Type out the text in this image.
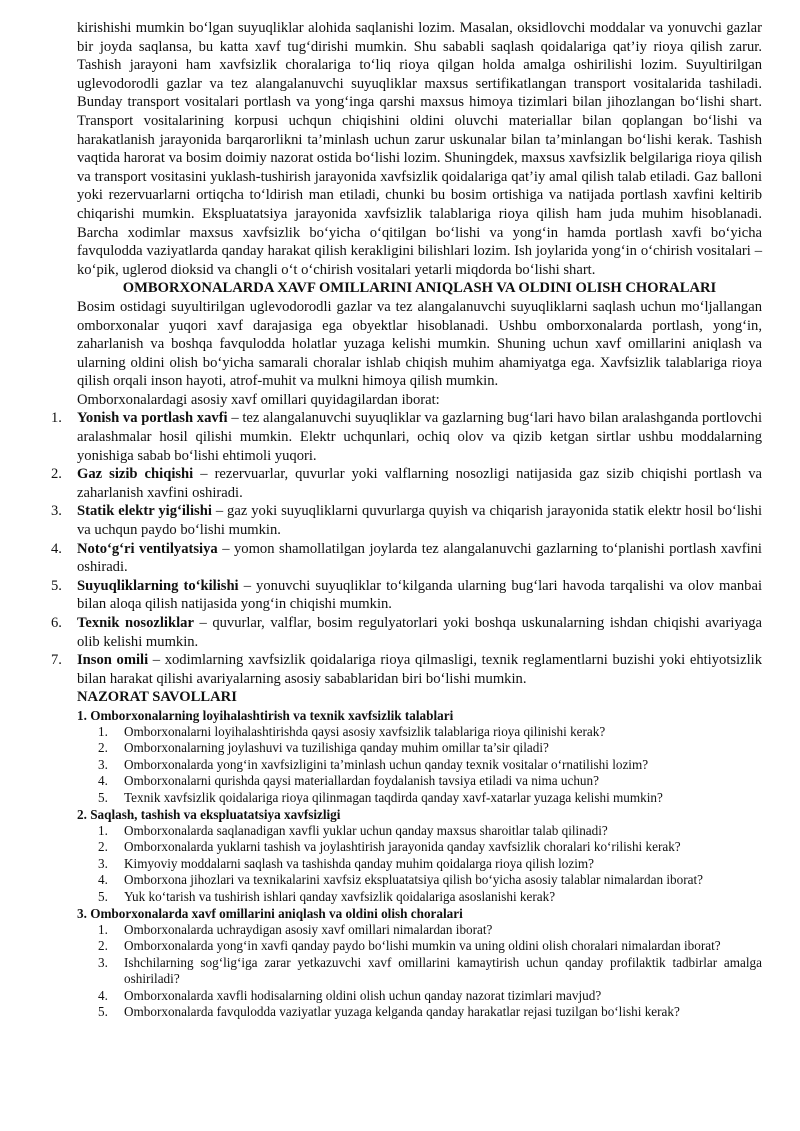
kirishishi mumkin boʻlgan suyuqliklar alohida saqlanishi lozim. Masalan, oksidlovchi moddalar va yonuvchi gazlar bir joyda saqlansa, bu katta xavf tugʻdirishi mumkin. Shu sababli saqlash qoidalariga qat’iy rioya qilish zarur. Tashish jarayoni ham xavfsizlik choralariga toʻliq rioya qilgan holda amalga oshirilishi lozim. Suyultirilgan uglevodorodli gazlar va tez alangalanuvchi suyuqliklar maxsus sertifikatlangan transport vositalarida tashiladi. Bunday transport vositalari portlash va yongʻinga qarshi maxsus himoya tizimlari bilan jihozlangan boʻlishi shart. Transport vositalarining korpusi uchqun chiqishini oldini oluvchi materiallar bilan qoplangan boʻlishi va harakatlanish jarayonida barqarorlikni ta’minlash uchun zarur uskunalar bilan ta’minlangan boʻlishi kerak. Tashish vaqtida harorat va bosim doimiy nazorat ostida boʻlishi lozim. Shuningdek, maxsus xavfsizlik belgilariga rioya qilish va transport vositasini yuklash-tushirish jarayonida xavfsizlik qoidalariga qat’iy amal qilish talab etiladi. Gaz balloni yoki rezervuarlarni ortiqcha toʻldirish man etiladi, chunki bu bosim ortishiga va natijada portlash xavfini keltirib chiqarishi mumkin. Ekspluatatsiya jarayonida xavfsizlik talablariga rioya qilish ham juda muhim hisoblanadi. Barcha xodimlar maxsus xavfsizlik boʻyicha oʻqitilgan boʻlishi va yongʻin hamda portlash xavfi boʻyicha favqulodda vaziyatlarda qanday harakat qilish kerakligini bilishlari lozim. Ish joylarida yongʻin oʻchirish vositalari – koʻpik, uglerod dioksid va changli oʻt oʻchirish vositalari yetarli miqdorda boʻlishi shart.

OMBORXONALARDA XAVF OMILLARINI ANIQLASH VA OLDINI OLISH CHORALARI

Bosim ostidagi suyultirilgan uglevodorodli gazlar va tez alangalanuvchi suyuqliklarni saqlash uchun moʻljallangan omborxonalar yuqori xavf darajasiga ega obyektlar hisoblanadi. Ushbu omborxonalarda portlash, yongʻin, zaharlanish va boshqa favqulodda holatlar yuzaga kelishi mumkin. Shuning uchun xavf omillarini aniqlash va ularning oldini olish boʻyicha samarali choralar ishlab chiqish muhim ahamiyatga ega. Xavfsizlik talablariga rioya qilish orqali inson hayoti, atrof-muhit va mulkni himoya qilish mumkin.

Omborxonalardagi asosiy xavf omillari quyidagilardan iborat:

1. Yonish va portlash xavfi – tez alangalanuvchi suyuqliklar va gazlarning bugʻlari havo bilan aralashganda portlovchi aralashmalar hosil qilishi mumkin. Elektr uchqunlari, ochiq olov va qizib ketgan sirtlar ushbu moddalarning yonishiga sabab boʻlishi ehtimoli yuqori.
2. Gaz sizib chiqishi – rezervuarlar, quvurlar yoki valflarning nosozligi natijasida gaz sizib chiqishi portlash va zaharlanish xavfini oshiradi.
3. Statik elektr yigʻilishi – gaz yoki suyuqliklarni quvurlarga quyish va chiqarish jarayonida statik elektr hosil boʻlishi va uchqun paydo boʻlishi mumkin.
4. Notoʻgʻri ventilyatsiya – yomon shamollatilgan joylarda tez alangalanuvchi gazlarning toʻplanishi portlash xavfini oshiradi.
5. Suyuqliklarning toʻkilishi – yonuvchi suyuqliklar toʻkilganda ularning bugʻlari havoda tarqalishi va olov manbai bilan aloqa qilish natijasida yongʻin chiqishi mumkin.
6. Texnik nosozliklar – quvurlar, valflar, bosim regulyatorlari yoki boshqa uskunalarning ishdan chiqishi avariyaga olib kelishi mumkin.
7. Inson omili – xodimlarning xavfsizlik qoidalariga rioya qilmasligi, texnik reglamentlarni buzishi yoki ehtiyotsizlik bilan harakat qilishi avariyalarning asosiy sabablaridan biri boʻlishi mumkin.

NAZORAT SAVOLLARI

1. Omborxonalarning loyihalashtirish va texnik xavfsizlik talablari

1. Omborxonalarni loyihalashtirishda qaysi asosiy xavfsizlik talablariga rioya qilinishi kerak?
2. Omborxonalarning joylashuvi va tuzilishiga qanday muhim omillar ta’sir qiladi?
3. Omborxonalarda yongʻin xavfsizligini ta’minlash uchun qanday texnik vositalar oʻrnatilishi lozim?
4. Omborxonalarni qurishda qaysi materiallardan foydalanish tavsiya etiladi va nima uchun?
5. Texnik xavfsizlik qoidalariga rioya qilinmagan taqdirda qanday xavf-xatarlar yuzaga kelishi mumkin?

2. Saqlash, tashish va ekspluatatsiya xavfsizligi

1. Omborxonalarda saqlanadigan xavfli yuklar uchun qanday maxsus sharoitlar talab qilinadi?
2. Omborxonalarda yuklarni tashish va joylashtirish jarayonida qanday xavfsizlik choralari koʻrilishi kerak?
3. Kimyoviy moddalarni saqlash va tashishda qanday muhim qoidalarga rioya qilish lozim?
4. Omborxona jihozlari va texnikalarini xavfsiz ekspluatatsiya qilish boʻyicha asosiy talablar nimalardan iborat?
5. Yuk koʻtarish va tushirish ishlari qanday xavfsizlik qoidalariga asoslanishi kerak?

3. Omborxonalarda xavf omillarini aniqlash va oldini olish choralari

1. Omborxonalarda uchraydigan asosiy xavf omillari nimalardan iborat?
2. Omborxonalarda yongʻin xavfi qanday paydo boʻlishi mumkin va uning oldini olish choralari nimalardan iborat?
3. Ishchilarning sogʻligʻiga zarar yetkazuvchi xavf omillarini kamaytirish uchun qanday profilaktik tadbirlar amalga oshiriladi?
4. Omborxonalarda xavfli hodisalarning oldini olish uchun qanday nazorat tizimlari mavjud?
5. Omborxonalarda favqulodda vaziyatlar yuzaga kelganda qanday harakatlar rejasi tuzilgan boʻlishi kerak?
